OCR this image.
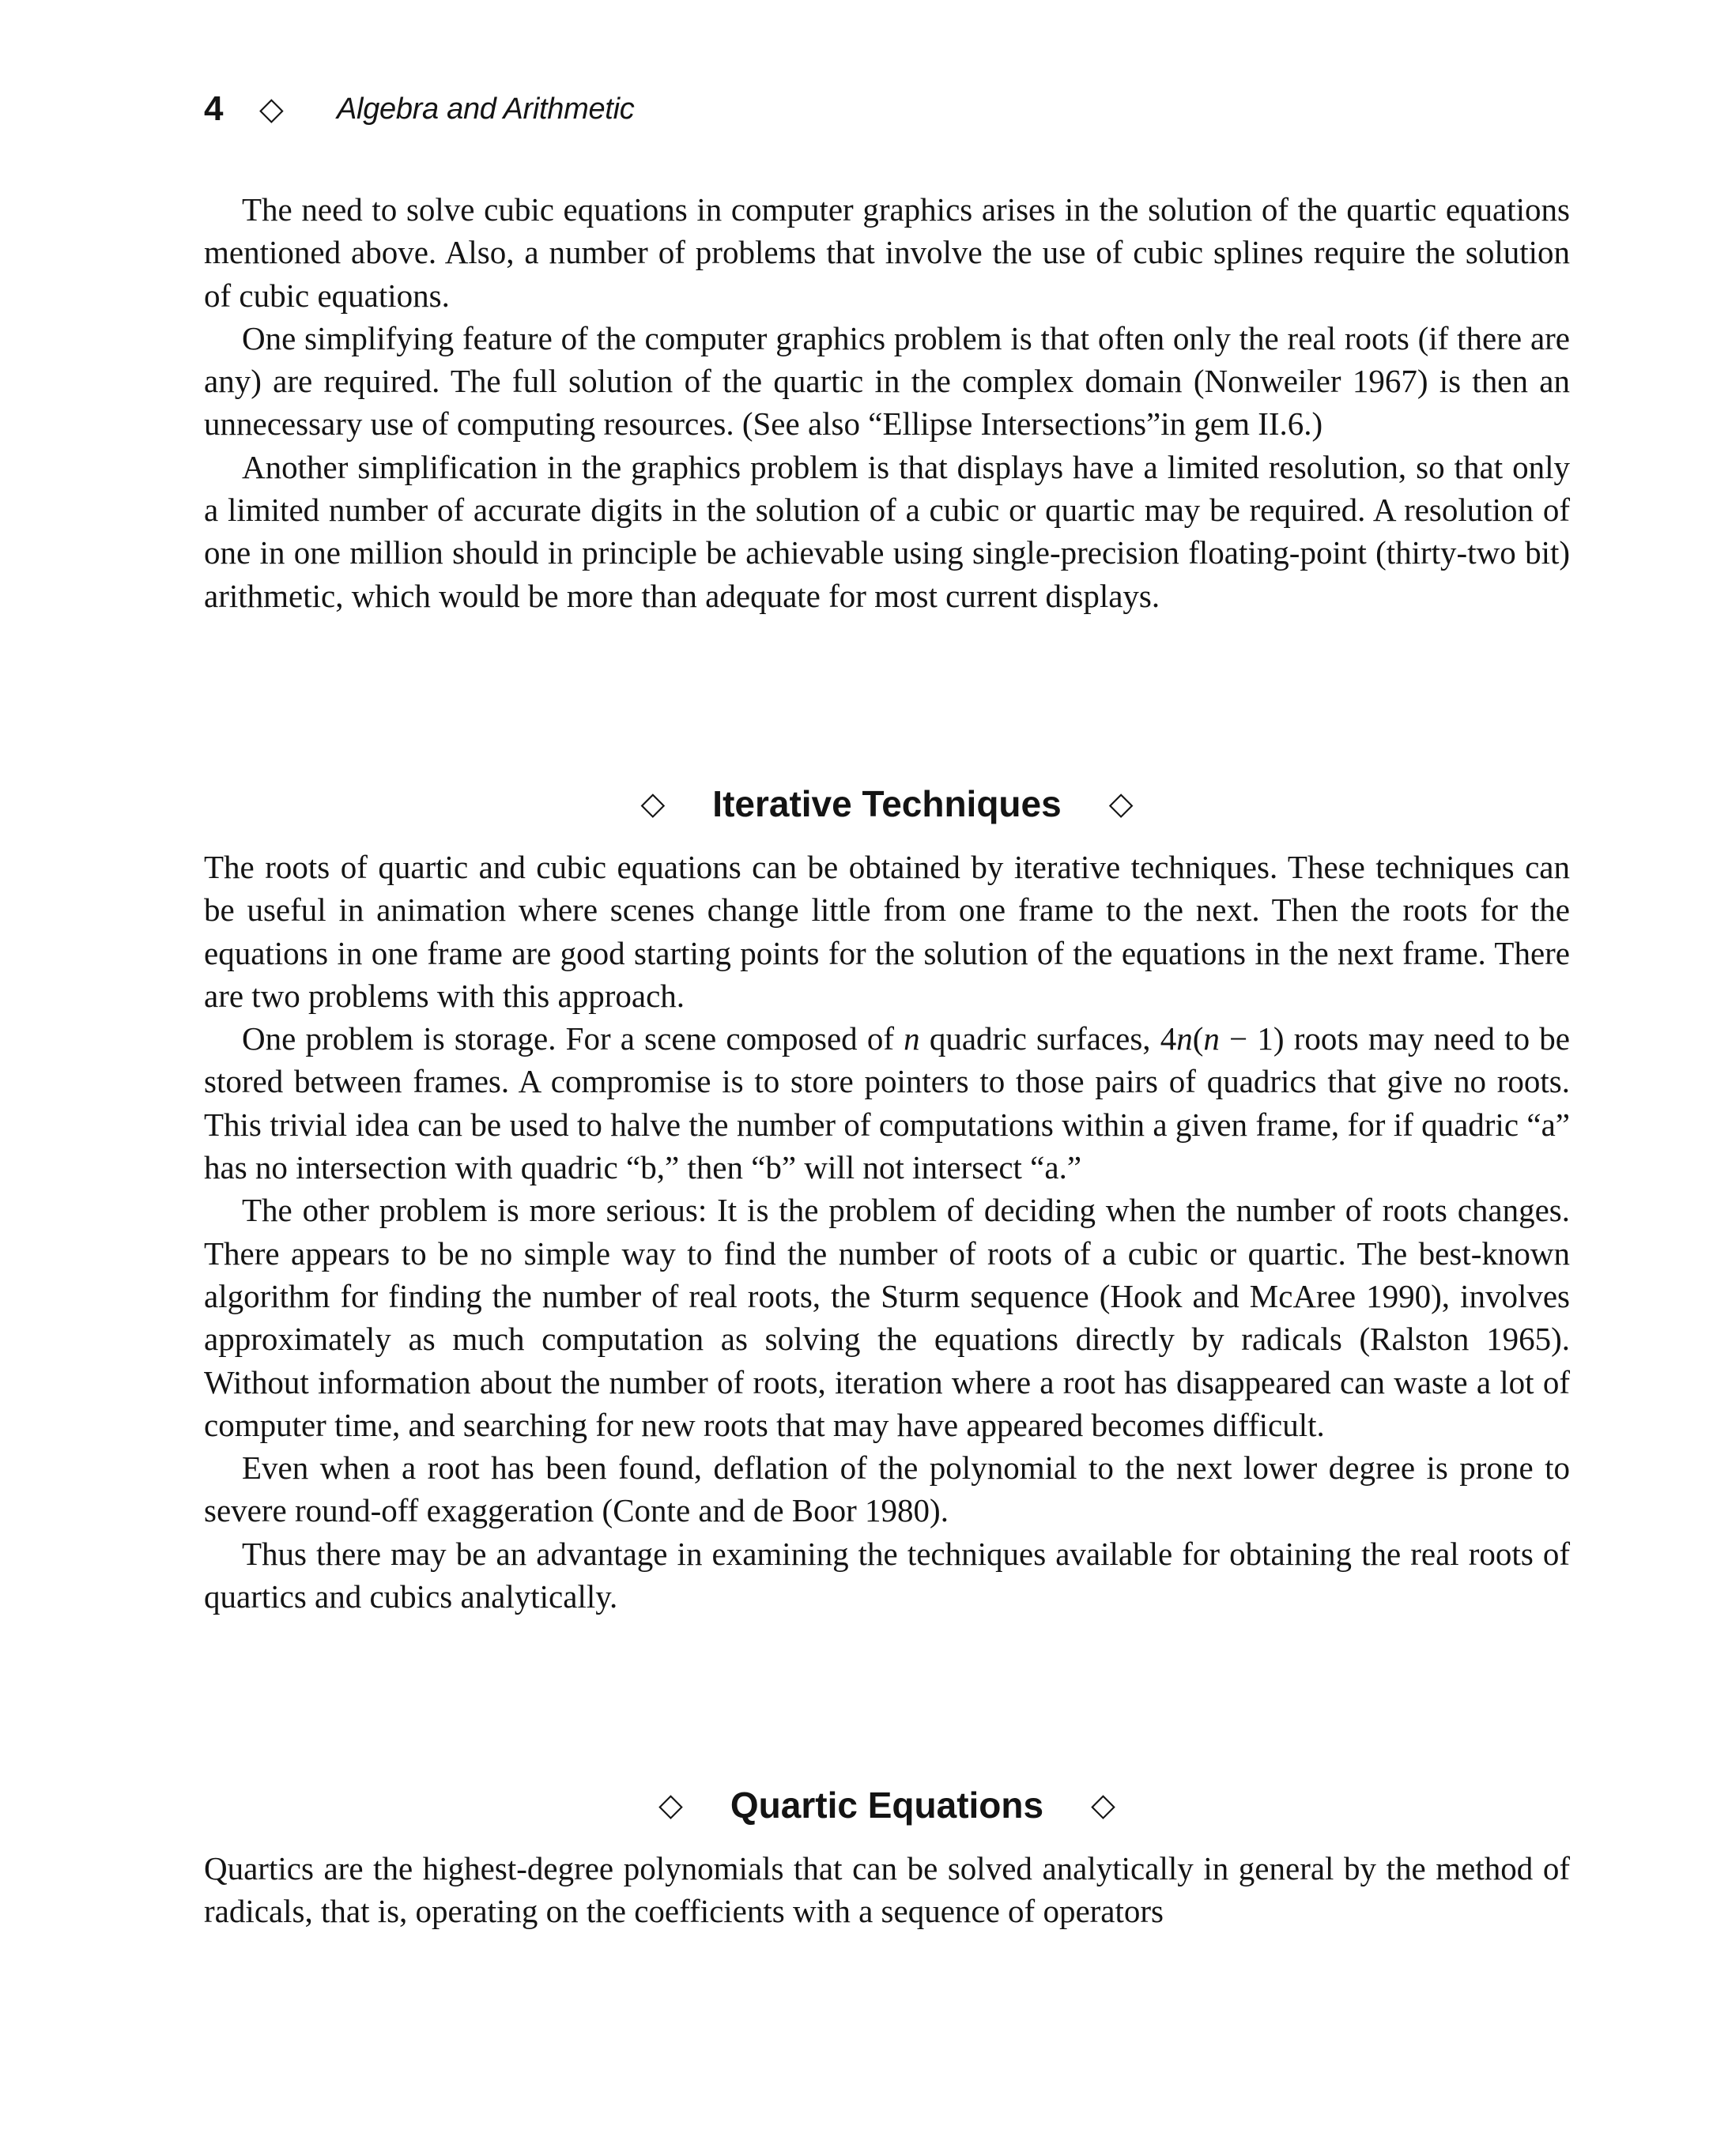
4	◇	Algebra and Arithmetic

The need to solve cubic equations in computer graphics arises in the solution of the quartic equations mentioned above. Also, a number of problems that involve the use of cubic splines require the solution of cubic equations.

One simplifying feature of the computer graphics problem is that often only the real roots (if there are any) are required. The full solution of the quartic in the complex domain (Nonweiler 1967) is then an unnecessary use of computing resources. (See also “Ellipse Intersections”in gem II.6.)

Another simplification in the graphics problem is that displays have a limited resolution, so that only a limited number of accurate digits in the solution of a cubic or quartic may be required. A resolution of one in one million should in principle be achievable using single-precision floating-point (thirty-two bit) arithmetic, which would be more than adequate for most current displays.

◇ Iterative Techniques ◇

The roots of quartic and cubic equations can be obtained by iterative techniques. These techniques can be useful in animation where scenes change little from one frame to the next. Then the roots for the equations in one frame are good starting points for the solution of the equations in the next frame. There are two problems with this approach.

One problem is storage. For a scene composed of n quadric surfaces, 4n(n − 1) roots may need to be stored between frames. A compromise is to store pointers to those pairs of quadrics that give no roots. This trivial idea can be used to halve the number of computations within a given frame, for if quadric “a” has no intersection with quadric “b,” then “b” will not intersect “a.”

The other problem is more serious: It is the problem of deciding when the number of roots changes. There appears to be no simple way to find the number of roots of a cubic or quartic. The best-known algorithm for finding the number of real roots, the Sturm sequence (Hook and McAree 1990), involves approximately as much computation as solving the equations directly by radicals (Ralston 1965). Without information about the number of roots, iteration where a root has disappeared can waste a lot of computer time, and searching for new roots that may have appeared becomes difficult.

Even when a root has been found, deflation of the polynomial to the next lower degree is prone to severe round-off exaggeration (Conte and de Boor 1980).

Thus there may be an advantage in examining the techniques available for obtaining the real roots of quartics and cubics analytically.

◇ Quartic Equations ◇

Quartics are the highest-degree polynomials that can be solved analytically in general by the method of radicals, that is, operating on the coefficients with a sequence of operators
